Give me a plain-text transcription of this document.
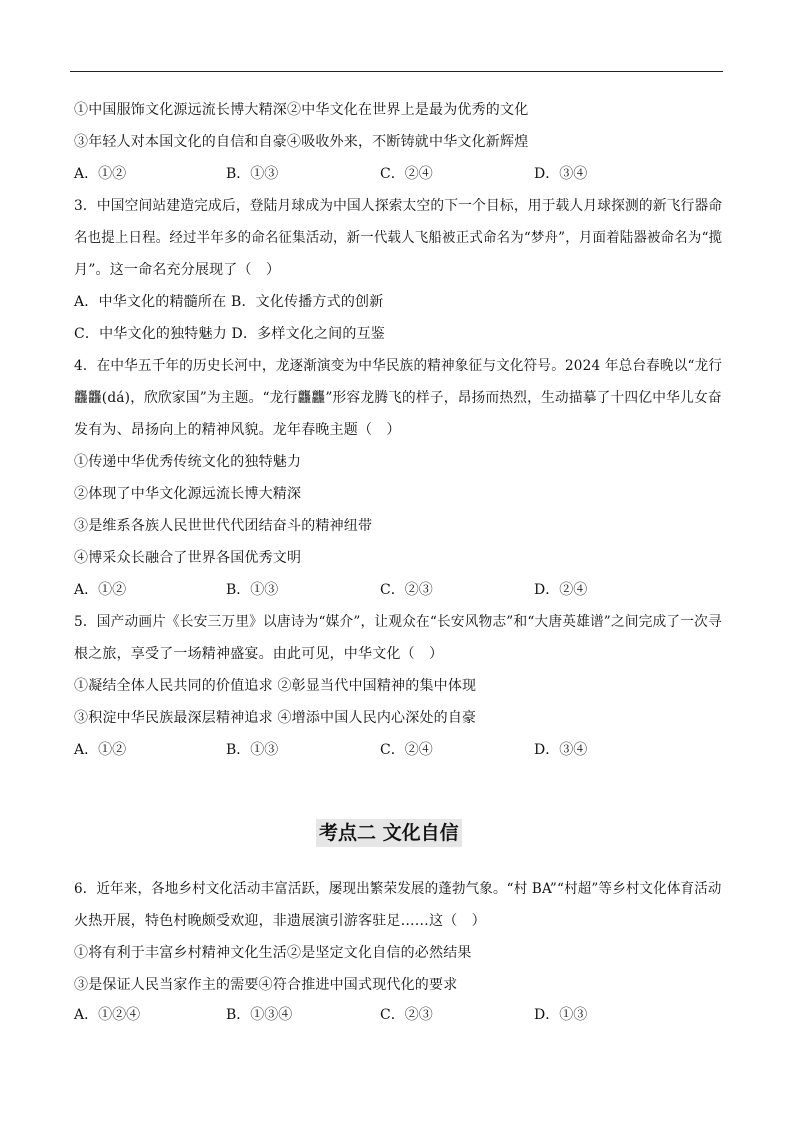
①中国服饰文化源远流长博大精深②中华文化在世界上是最为优秀的文化
③年轻人对本国文化的自信和自豪④吸收外来，不断铸就中华文化新辉煌
A．①②	B．①③	C．②④	D．③④
3．中国空间站建造完成后，登陆月球成为中国人探索太空的下一个目标，用于载人月球探测的新飞行器命
名也提上日程。经过半年多的命名征集活动，新一代载人飞船被正式命名为“梦舟”，月面着陆器被命名为“揽
月”。这一命名充分展现了（　）
A．中华文化的精髓所在 B．文化传播方式的创新
C．中华文化的独特魅力 D．多样文化之间的互鉴
4．在中华五千年的历史长河中，龙逐渐演变为中华民族的精神象征与文化符号。2024 年总台春晚以“龙行
龘龘(dá)，欣欣家国”为主题。“龙行龘龘”形容龙腾飞的样子，昂扬而热烈，生动描摹了十四亿中华儿女奋
发有为、昂扬向上的精神风貌。龙年春晚主题（　）
①传递中华优秀传统文化的独特魅力
②体现了中华文化源远流长博大精深
③是维系各族人民世世代代团结奋斗的精神纽带
④博采众长融合了世界各国优秀文明
A．①②	B．①③	C．②③	D．②④
5．国产动画片《长安三万里》以唐诗为“媒介”，让观众在“长安风物志”和“大唐英雄谱”之间完成了一次寻
根之旅，享受了一场精神盛宴。由此可见，中华文化（　）
①凝结全体人民共同的价值追求 ②彰显当代中国精神的集中体现
③积淀中华民族最深层精神追求 ④增添中国人民内心深处的自豪
A．①②	B．①③	C．②④	D．③④
考点二 文化自信
6．近年来，各地乡村文化活动丰富活跃，屡现出繁荣发展的蓬勃气象。“村 BA”“村超”等乡村文化体育活动
火热开展，特色村晚颇受欢迎，非遗展演引游客驻足……这（　）
①将有利于丰富乡村精神文化生活②是坚定文化自信的必然结果
③是保证人民当家作主的需要④符合推进中国式现代化的要求
A．①②④	B．①③④	C．②③	D．①③
